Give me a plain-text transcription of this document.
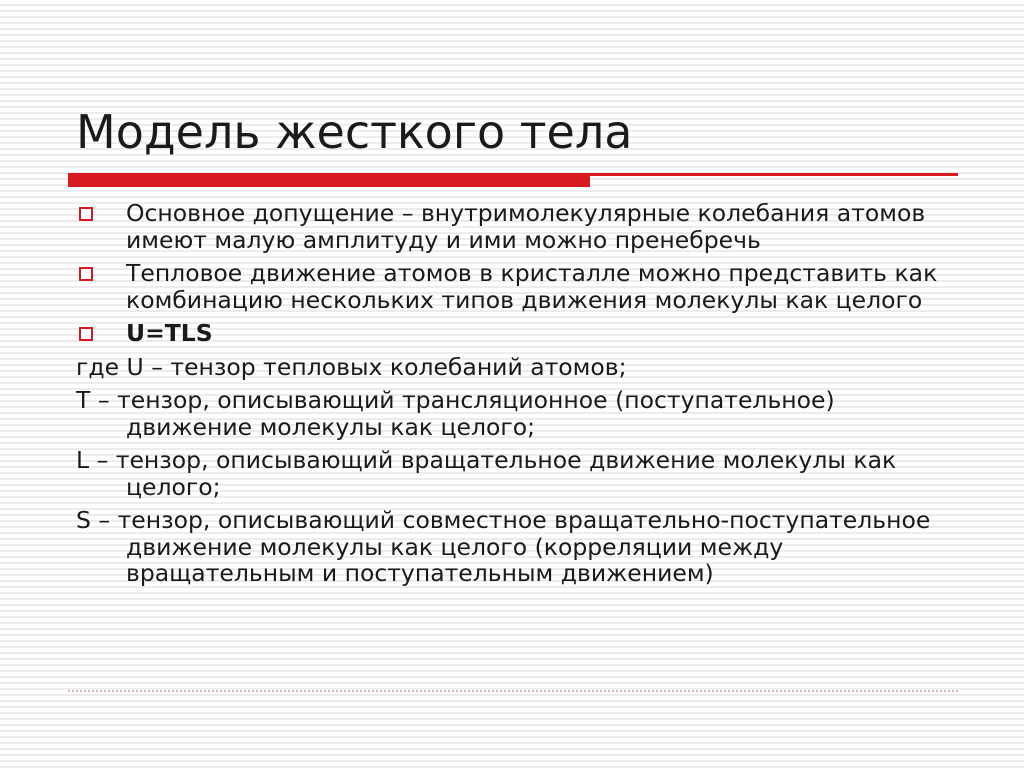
Модель жесткого тела
Основное допущение – внутримолекулярные колебания атомов имеют малую амплитуду и ими можно пренебречь
Тепловое движение атомов в кристалле можно представить как комбинацию нескольких типов движения молекулы как целого
U=TLS
где U – тензор тепловых колебаний атомов;
T – тензор, описывающий трансляционное (поступательное) движение молекулы как целого;
L – тензор, описывающий вращательное движение молекулы как целого;
S – тензор, описывающий совместное вращательно-поступательное движение молекулы как целого (корреляции между вращательным и поступательным движением)
